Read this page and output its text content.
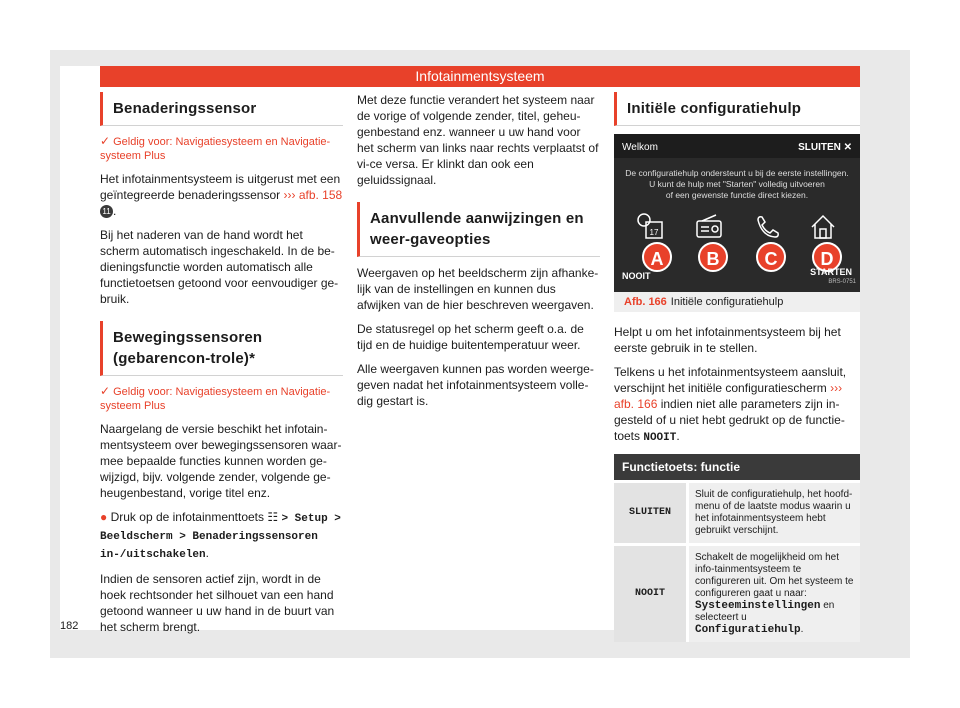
Infotainmentsysteem
Benaderingssensor

✓ Geldig voor: Navigatiesysteem en Navigatie-systeem Plus

Het infotainmentsysteem is uitgerust met een geïntegreerde benaderingssensor ››› afb. 158 11 .

Bij het naderen van de hand wordt het scherm automatisch ingeschakeld. In de be-dieningsfunctie worden automatisch alle functietoetsen getoond voor eenvoudiger ge-bruik.

Bewegingssensoren (gebarencon-trole)*

✓ Geldig voor: Navigatiesysteem en Navigatie-systeem Plus

Naargelang de versie beschikt het infotain-mentsysteem over bewegingssensoren waar-mee bepaalde functies kunnen worden ge-wijzigd, bijv. volgende zender, volgende ge-heugenbestand, vorige titel enz.

● Druk op de infotainmenttoets ☷ > Setup > Beeldscherm > Benaderingssensoren in-/uitschakelen.

Indien de sensoren actief zijn, wordt in de hoek rechtsonder het silhouet van een hand getoond wanneer u uw hand in de buurt van het scherm brengt.

Met deze functie verandert het systeem naar de vorige of volgende zender, titel, geheu-genbestand enz. wanneer u uw hand voor het scherm van links naar rechts verplaatst of vi-ce versa. Er klinkt dan ook een geluidssignaal.

Aanvullende aanwijzingen en weer-gaveopties

Weergaven op het beeldscherm zijn afhanke-lijk van de instellingen en kunnen dus afwijken van de hier beschreven weergaven.

De statusregel op het scherm geeft o.a. de tijd en de huidige buitentemperatuur weer.

Alle weergaven kunnen pas worden weerge-geven nadat het infotainmentsysteem volle-dig gestart is.

Initiële configuratiehulp
Welkom	SLUITEN ✕
De configuratiehulp ondersteunt u bij de eerste instellingen.
U kunt de hulp met "Starten" volledig uitvoeren
of een gewenste functie direct kiezen.
17
A	B	C	D
NOOIT	STARTEN
BRS-0751
Afb. 166 Initiële configuratiehulp

Helpt u om het infotainmentsysteem bij het eerste gebruik in te stellen.

Telkens u het infotainmentsysteem aansluit, verschijnt het initiële configuratiescherm ››› afb. 166 indien niet alle parameters zijn in-gesteld of u niet hebt gedrukt op de functie-toets NOOIT.

Functietoets: functie	
SLUITEN	Sluit de configuratiehulp, het hoofd-menu of de laatste modus waarin u het infotainmentsysteem hebt gebruikt verschijnt.
NOOIT	Schakelt de mogelijkheid om het info-tainmentsysteem te configureren uit. Om het systeem te configureren gaat u naar: Systeeminstellingen en selecteert u Configuratiehulp.
182
